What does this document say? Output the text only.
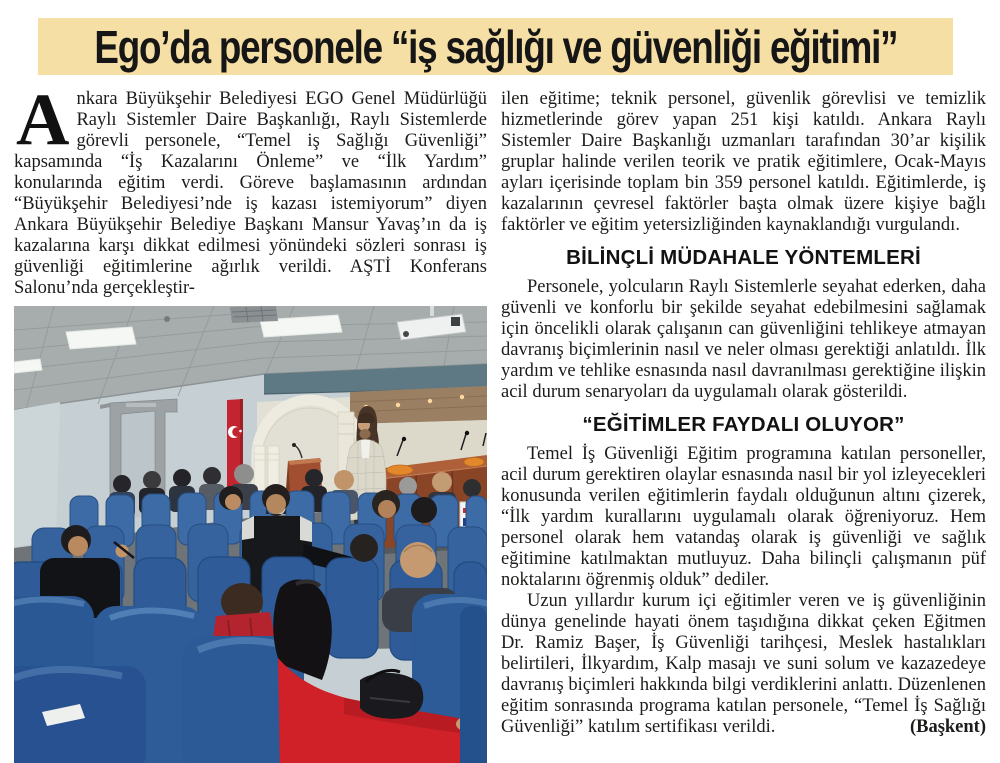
Ego’da personele “iş sağlığı ve güvenliği eğitimi”

Ankara Büyükşehir Belediyesi EGO Genel Müdürlüğü Raylı Sistemler Daire Başkanlığı, Raylı Sistemlerde görevli personele, “Temel iş Sağlığı Güvenliği” kapsamında “İş Kazalarını Önleme” ve “İlk Yardım” konularında eğitim verdi. Göreve başlamasının ardından “Büyükşehir Belediyesi’nde iş kazası istemiyorum” diyen Ankara Büyükşehir Belediye Başkanı Mansur Yavaş’ın da iş kazalarına karşı dikkat edilmesi yönündeki sözleri sonrası iş güvenliği eğitimlerine ağırlık verildi. AŞTİ Konferans Salonu’nda gerçekleştir-

ilen eğitime; teknik personel, güvenlik görevlisi ve temizlik hizmetlerinde görev yapan 251 kişi katıldı. Ankara Raylı Sistemler Daire Başkanlığı uzmanları tarafından 30’ar kişilik gruplar halinde verilen teorik ve pratik eğitimlere, Ocak-Mayıs ayları içerisinde toplam bin 359 personel katıldı. Eğitimlerde, iş kazalarının çevresel faktörler başta olmak üzere kişiye bağlı faktörler ve eğitim yetersizliğinden kaynaklandığı vurgulandı.

BİLİNÇLİ MÜDAHALE YÖNTEMLERİ

Personele, yolcuların Raylı Sistemlerle seyahat ederken, daha güvenli ve konforlu bir şekilde seyahat edebilmesini sağlamak için öncelikli olarak çalışanın can güvenliğini tehlikeye atmayan davranış biçimlerinin nasıl ve neler olması gerektiği anlatıldı. İlk yardım ve tehlike esnasında nasıl davranılması gerektiğine ilişkin acil durum senaryoları da uygulamalı olarak gösterildi.

“EĞİTİMLER FAYDALI OLUYOR”

Temel İş Güvenliği Eğitim programına katılan personeller, acil durum gerektiren olaylar esnasında nasıl bir yol izleyecekleri konusunda verilen eğitimlerin faydalı olduğunun altını çizerek, “İlk yardım kurallarını uygulamalı olarak öğreniyoruz. Hem personel olarak hem vatandaş olarak iş güvenliği ve sağlık eğitimine katılmaktan mutluyuz. Daha bilinçli çalışmanın püf noktalarını öğrenmiş olduk” dediler.

Uzun yıllardır kurum içi eğitimler veren ve iş güvenliğinin dünya genelinde hayati önem taşıdığına dikkat çeken Eğitmen Dr. Ramiz Başer, İş Güvenliği tarihçesi, Meslek hastalıkları belirtileri, İlkyardım, Kalp masajı ve suni solum ve kazazedeye davranış biçimleri hakkında bilgi verdiklerini anlattı. Düzenlenen eğitim sonrasında programa katılan personele, “Temel İş Sağlığı Güvenliği” katılım sertifikası verildi.	(Başkent)
